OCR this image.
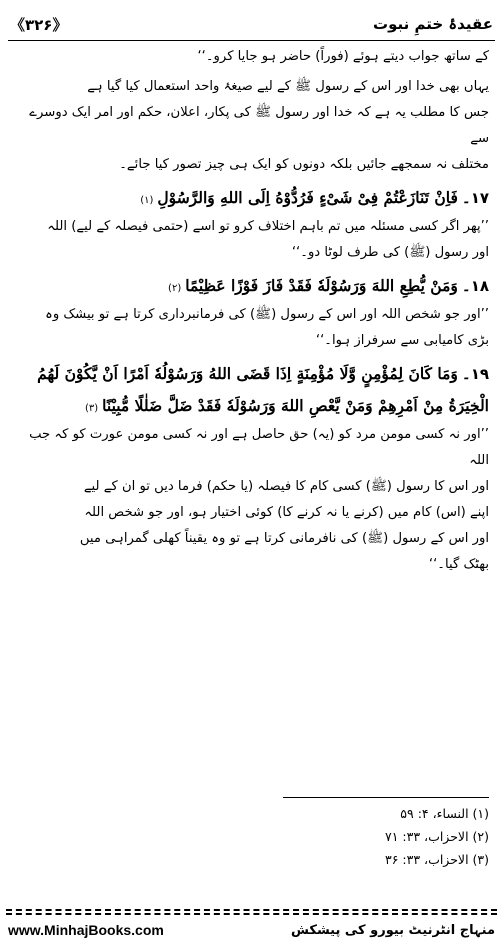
《۳۲۶》	عقیدۂ ختمِ نبوت

کے ساتھ جواب دیتے ہوئے (فوراً) حاضر ہو جایا کرو۔‘‘

یہاں بھی خدا اور اس کے رسول ﷺ کے لیے صیغۂ واحد استعمال کیا گیا ہے

جس کا مطلب یہ ہے کہ خدا اور رسول ﷺ کی پکار، اعلان، حکم اور امر ایک دوسرے سے

مختلف نہ سمجھے جائیں بلکہ دونوں کو ایک ہی چیز تصور کیا جائے۔

۱۷۔
فَاِنْ تَنَازَعْتُمْ فِیْ شَیْءٍ فَرُدُّوْهُ اِلَی اللهِ وَالرَّسُوْلِ
(۱)

’’پھر اگر کسی مسئلہ میں تم باہم اختلاف کرو تو اسے (حتمی فیصلہ کے لیے) اللہ

اور رسول (ﷺ) کی طرف لوٹا دو۔‘‘

۱۸۔
وَمَنْ یُّطِعِ اللهَ وَرَسُوْلَهٗ فَقَدْ فَازَ فَوْزًا عَظِیْمًا
(۲)

’’اور جو شخص اللہ اور اس کے رسول (ﷺ) کی فرمانبرداری کرتا ہے تو بیشک وہ

بڑی کامیابی سے سرفراز ہوا۔‘‘

۱۹۔
وَمَا كَانَ لِمُؤْمِنٍ وَّلَا مُؤْمِنَةٍ اِذَا قَضَی اللهُ وَرَسُوْلُهٗ اَمْرًا اَنْ یَّكُوْنَ لَهُمُ
الْخِیَرَةُ مِنْ اَمْرِهِمْ وَمَنْ یَّعْصِ اللهَ وَرَسُوْلَهٗ فَقَدْ ضَلَّ ضَلٰلًا مُّبِیْنًا
(۳)

’’اور نہ کسی مومن مرد کو (یہ) حق حاصل ہے اور نہ کسی مومن عورت کو کہ جب اللہ

اور اس کا رسول (ﷺ) کسی کام کا فیصلہ (یا حکم) فرما دیں تو ان کے لیے

اپنے (اس) کام میں (کرنے یا نہ کرنے کا) کوئی اختیار ہو، اور جو شخص اللہ

اور اس کے رسول (ﷺ) کی نافرمانی کرتا ہے تو وہ یقیناً کھلی گمراہی میں

بھٹک گیا۔‘‘

(۱) النساء، ۴: ۵۹

(۲) الاحزاب، ۳۳: ۷۱

(۳) الاحزاب، ۳۳: ۳۶

www.MinhajBooks.com	منہاج انٹرنیٹ بیورو کی پیشکش
